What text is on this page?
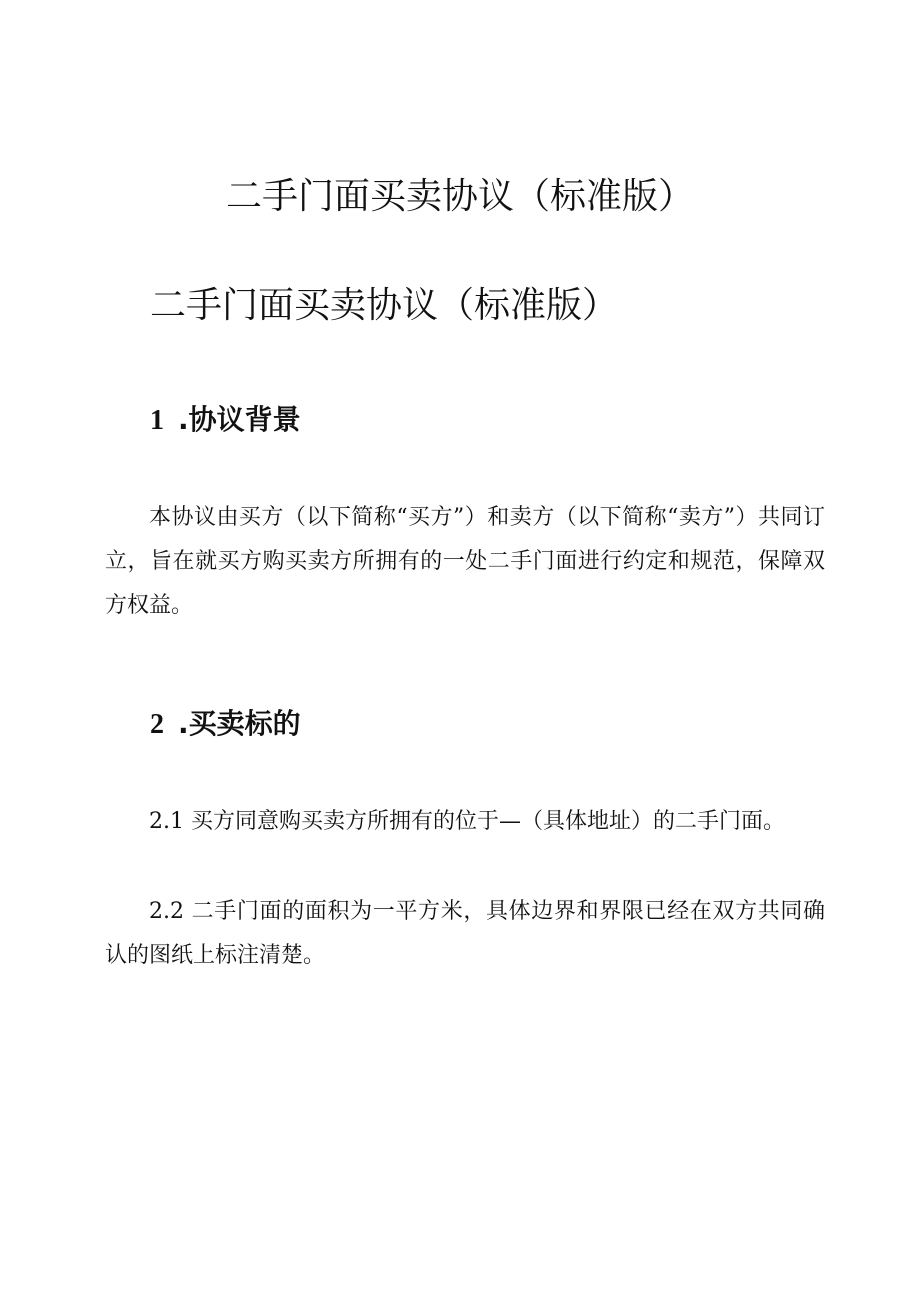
二手门面买卖协议（标准版）
二手门面买卖协议（标准版）
1 .协议背景

本协议由买方（以下简称“买方”）和卖方（以下简称“卖方”）共同订立，旨在就买方购买卖方所拥有的一处二手门面进行约定和规范，保障双方权益。

2 .买卖标的

2.1 买方同意购买卖方所拥有的位于—（具体地址）的二手门面。

2.2 二手门面的面积为一平方米，具体边界和界限已经在双方共同确认的图纸上标注清楚。
